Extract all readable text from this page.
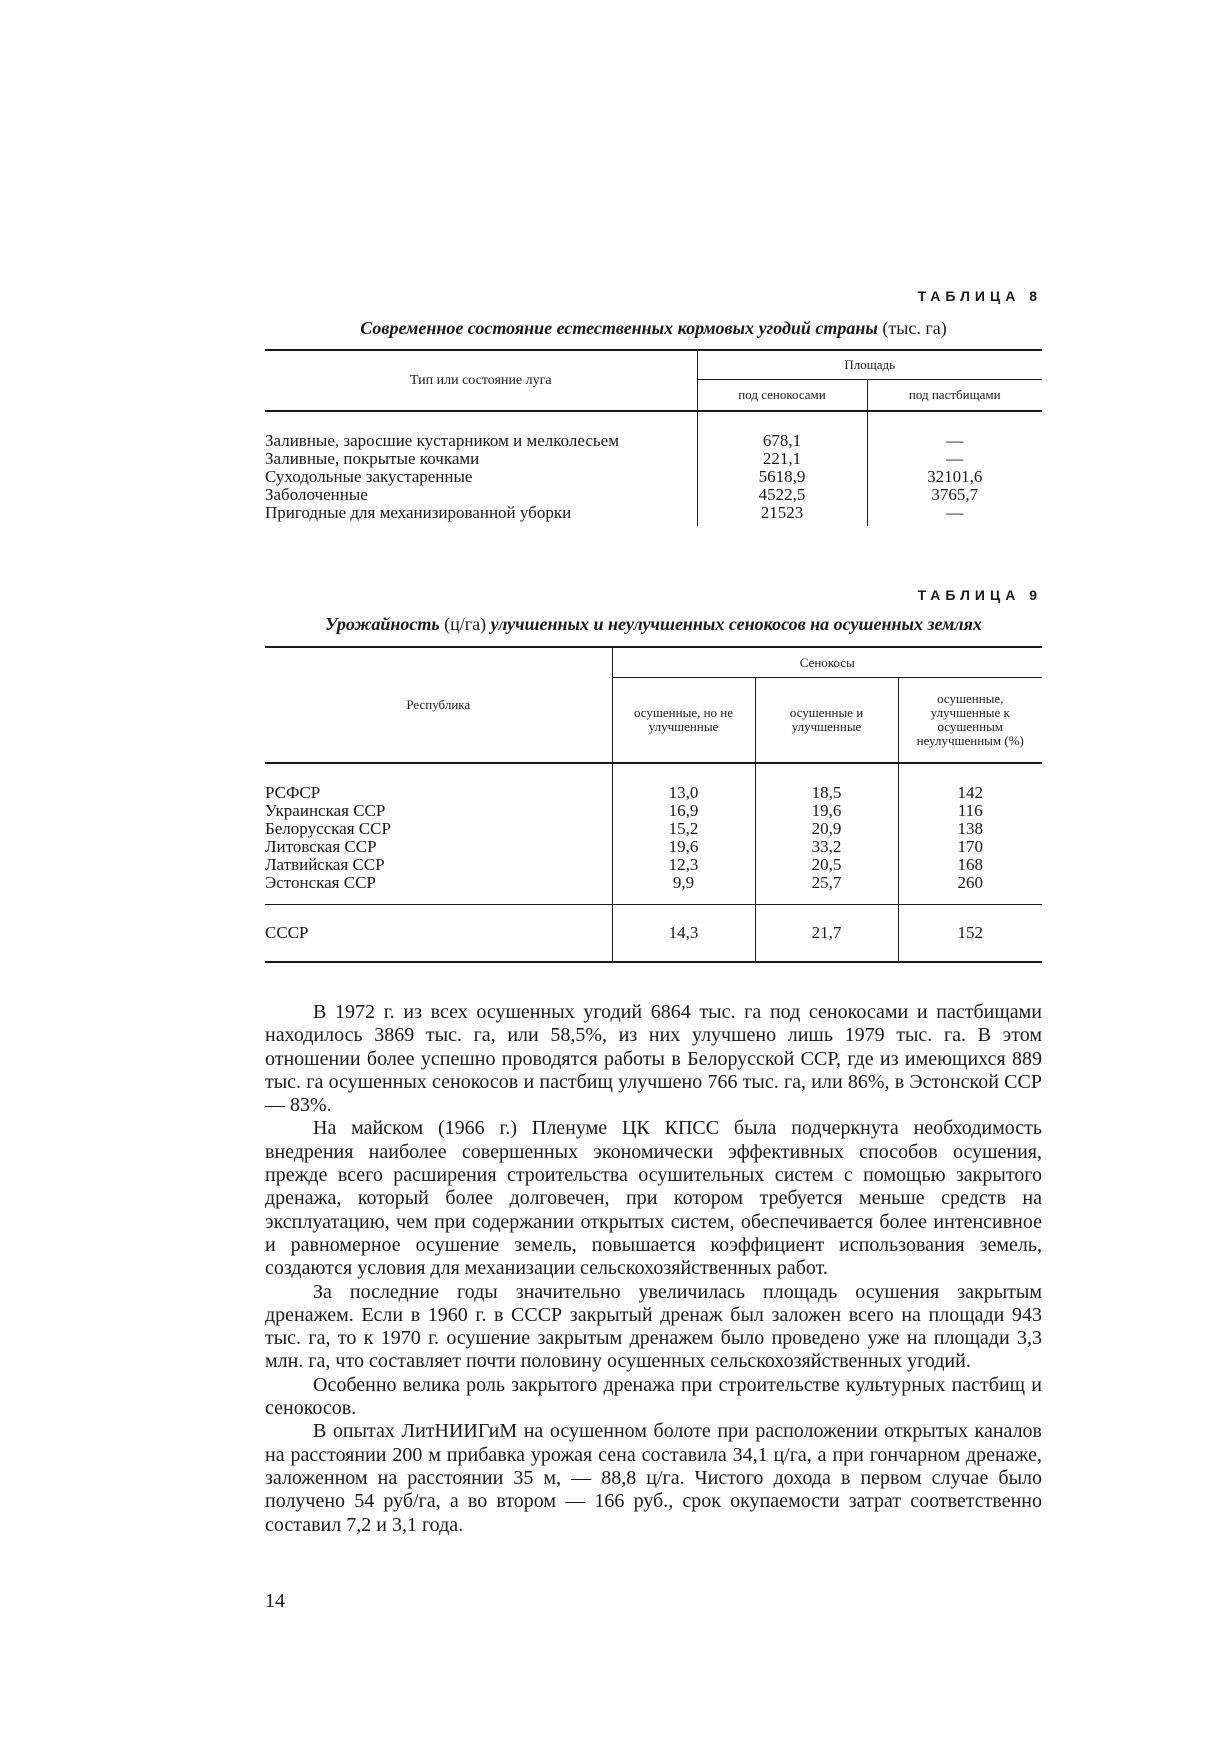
ТАБЛИЦА 8
Современное состояние естественных кормовых угодий страны (тыс. га)
Тип или состояние луга	Площадь	
	под сенокосами	под пастбищами

Заливные, заросшие кустарником и мелколесьем	678,1	—
Заливные, покрытые кочками	221,1	—
Суходольные закустаренные	5618,9	32101,6
Заболоченные	4522,5	3765,7
Пригодные для механизированной уборки	21523	—

ТАБЛИЦА 9
Урожайность (ц/га) улучшенных и неулучшенных сенокосов на осушенных землях
Республика	Сенокосы		
	осушенные, но не улучшенные	осушенные и улучшенные	осушенные, улучшенные к осушенным неулучшенным (%)

РСФСР	13,0	18,5	142
Украинская ССР	16,9	19,6	116
Белорусская ССР	15,2	20,9	138
Литовская ССР	19,6	33,2	170
Латвийская ССР	12,3	20,5	168
Эстонская ССР	9,9	25,7	260
СССР	14,3	21,7	152

В 1972 г. из всех осушенных угодий 6864 тыс. га под сенокосами и пастбищами находилось 3869 тыс. га, или 58,5%, из них улучшено лишь 1979 тыс. га. В этом отношении более успешно проводятся работы в Белорусской ССР, где из имеющихся 889 тыс. га осушенных сенокосов и пастбищ улучшено 766 тыс. га, или 86%, в Эстонской ССР — 83%.

На майском (1966 г.) Пленуме ЦК КПСС была подчеркнута необходимость внедрения наиболее совершенных экономически эффективных способов осушения, прежде всего расширения строительства осушительных систем с помощью закрытого дренажа, который более долговечен, при котором требуется меньше средств на эксплуатацию, чем при содержании открытых систем, обеспечивается более интенсивное и равномерное осушение земель, повышается коэффициент использования земель, создаются условия для механизации сельскохозяйственных работ.

За последние годы значительно увеличилась площадь осушения закрытым дренажем. Если в 1960 г. в СССР закрытый дренаж был заложен всего на площади 943 тыс. га, то к 1970 г. осушение закрытым дренажем было проведено уже на площади 3,3 млн. га, что составляет почти половину осушенных сельскохозяйственных угодий.

Особенно велика роль закрытого дренажа при строительстве культурных пастбищ и сенокосов.

В опытах ЛитНИИГиМ на осушенном болоте при расположении открытых каналов на расстоянии 200 м прибавка урожая сена составила 34,1 ц/га, а при гончарном дренаже, заложенном на расстоянии 35 м, — 88,8 ц/га. Чистого дохода в первом случае было получено 54 руб/га, а во втором — 166 руб., срок окупаемости затрат соответственно составил 7,2 и 3,1 года.

14
